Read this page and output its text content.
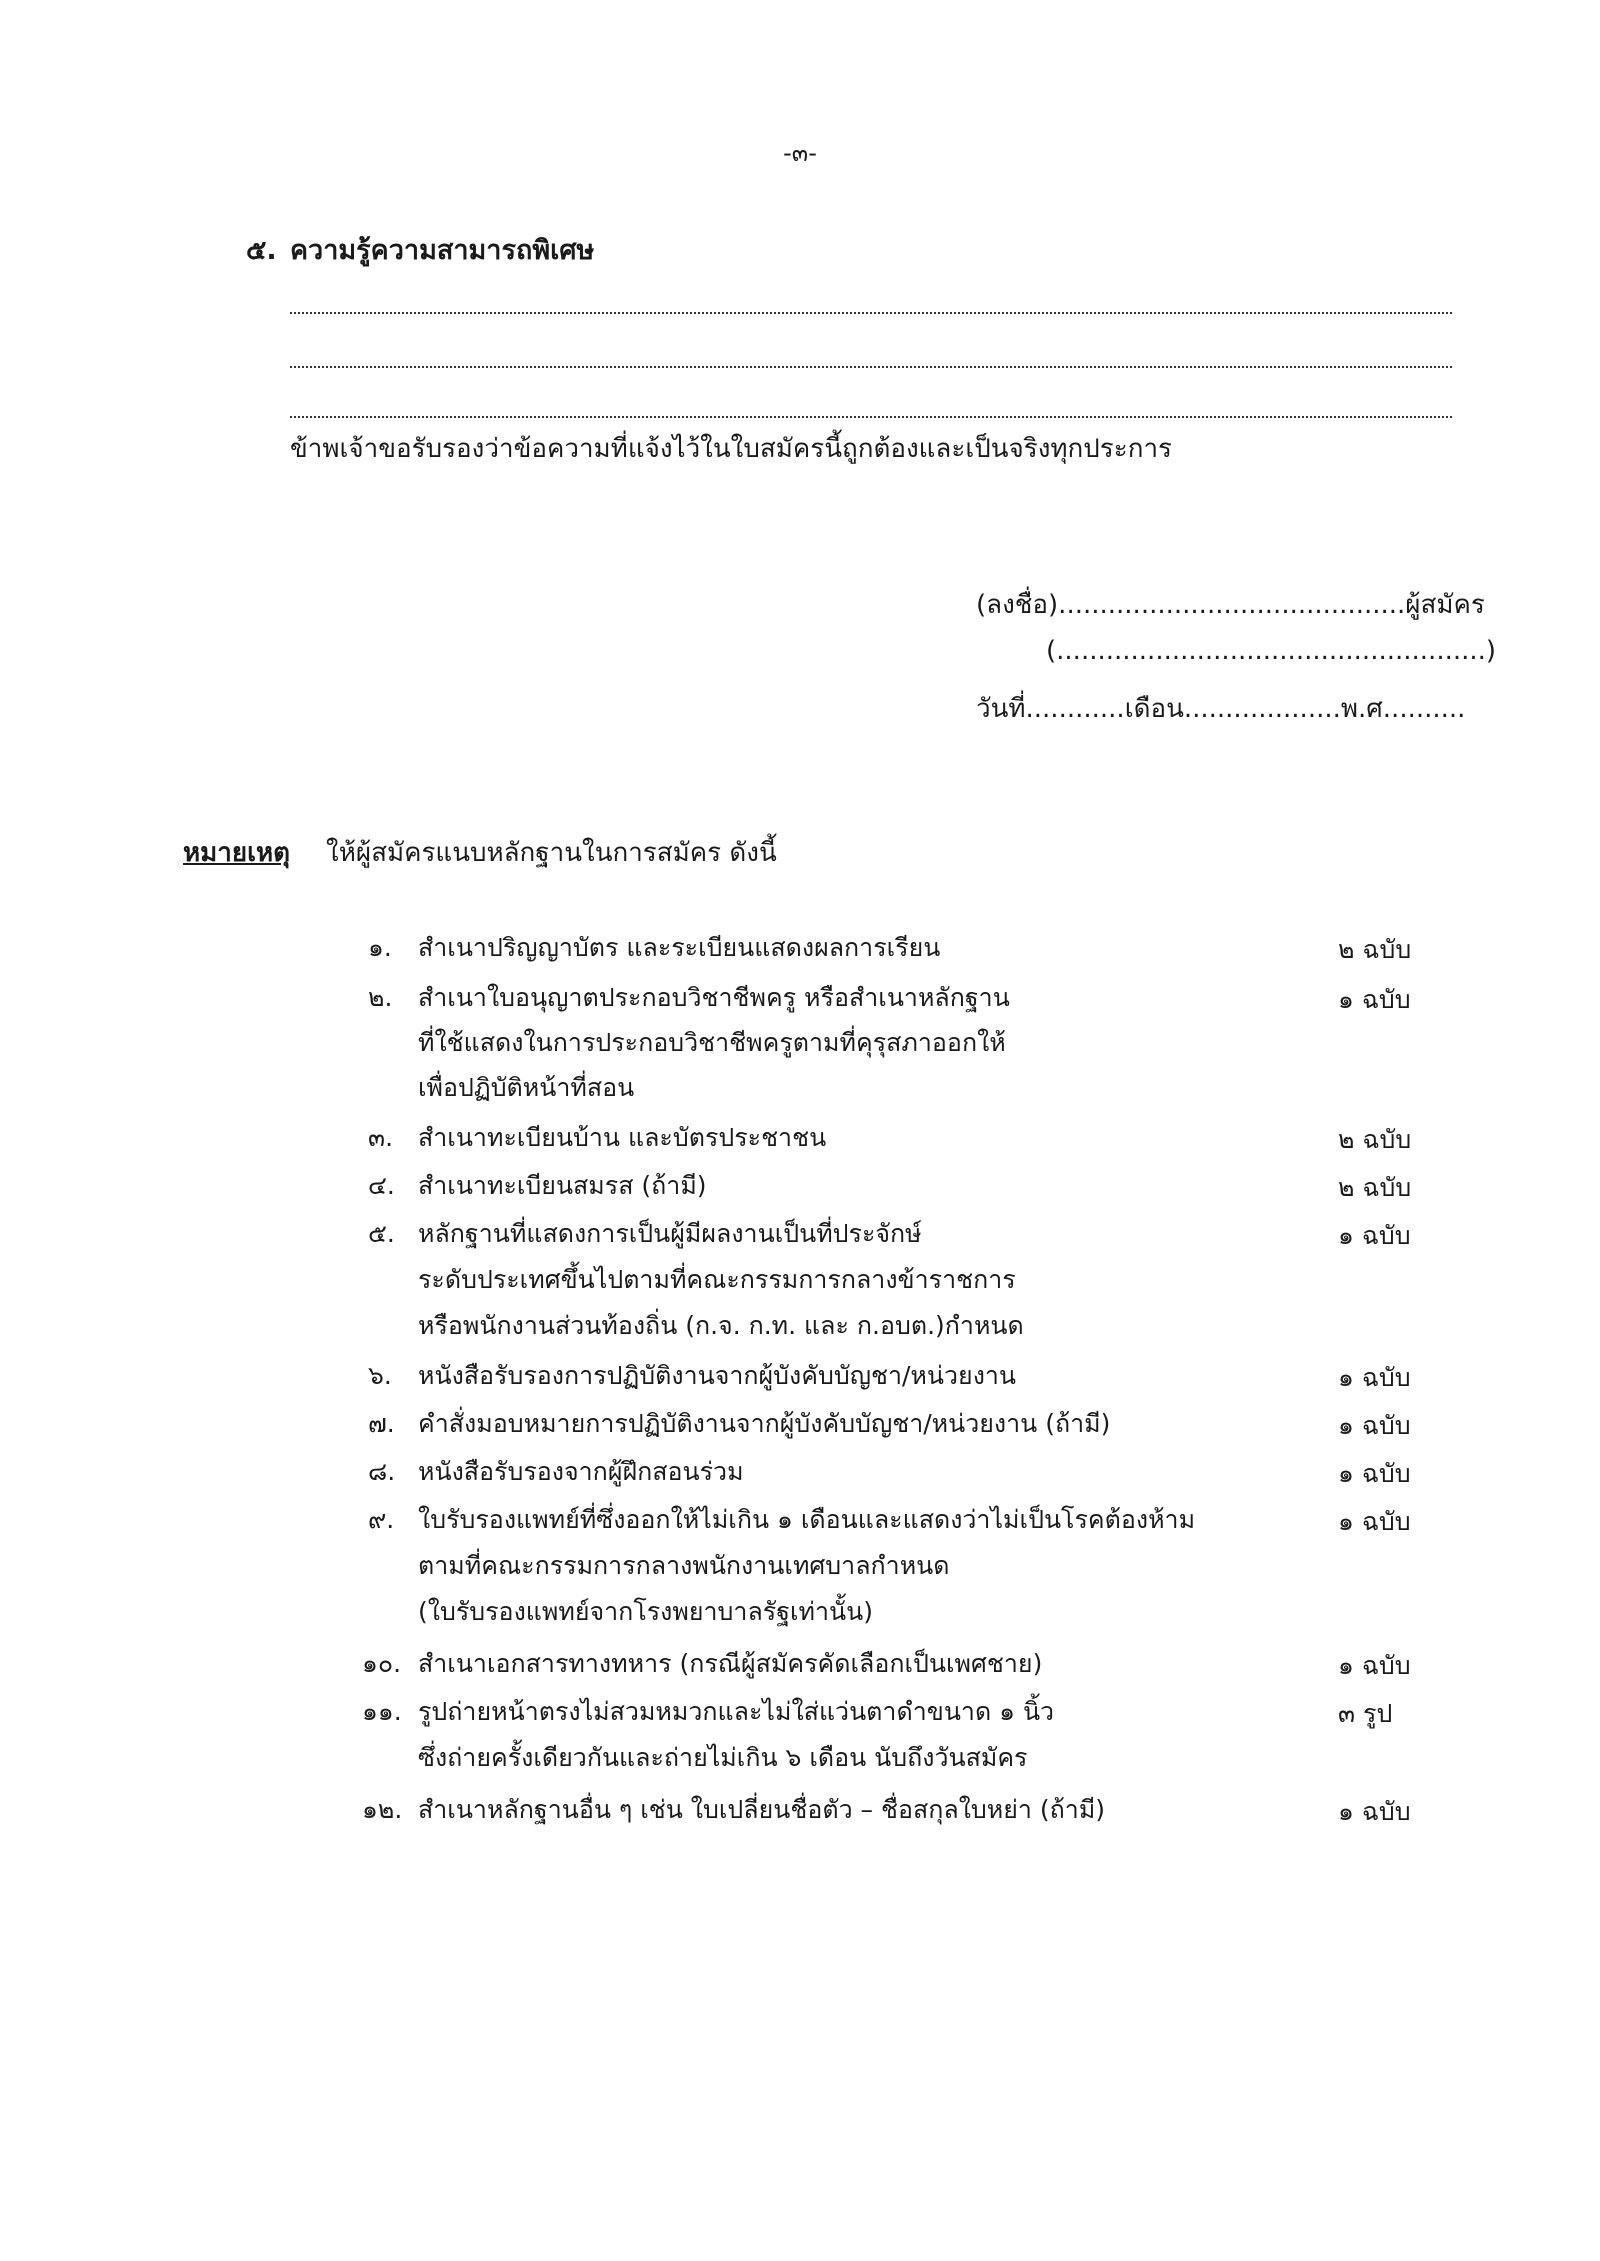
-๓-
๕. ความรู้ความสามารถพิเศษ
ข้าพเจ้าขอรับรองว่าข้อความที่แจ้งไว้ในใบสมัครนี้ถูกต้องและเป็นจริงทุกประการ
(ลงชื่อ)..........................................ผู้สมัคร
(....................................................)
วันที่............เดือน...................พ.ศ..........
หมายเหตุ ให้ผู้สมัครแนบหลักฐานในการสมัคร ดังนี้
๑. สำเนาปริญญาบัตร และระเบียนแสดงผลการเรียน	๒ ฉบับ
๒. สำเนาใบอนุญาตประกอบวิชาชีพครู หรือสำเนาหลักฐาน
ที่ใช้แสดงในการประกอบวิชาชีพครูตามที่คุรุสภาออกให้
เพื่อปฏิบัติหน้าที่สอน
๑ ฉบับ
๓. สำเนาทะเบียนบ้าน และบัตรประชาชน	๒ ฉบับ
๔. สำเนาทะเบียนสมรส (ถ้ามี)	๒ ฉบับ
๕. หลักฐานที่แสดงการเป็นผู้มีผลงานเป็นที่ประจักษ์
ระดับประเทศขึ้นไปตามที่คณะกรรมการกลางข้าราชการ
หรือพนักงานส่วนท้องถิ่น (ก.จ. ก.ท. และ ก.อบต.)กำหนด
๑ ฉบับ
๖. หนังสือรับรองการปฏิบัติงานจากผู้บังคับบัญชา/หน่วยงาน	๑ ฉบับ
๗. คำสั่งมอบหมายการปฏิบัติงานจากผู้บังคับบัญชา/หน่วยงาน (ถ้ามี)	๑ ฉบับ
๘. หนังสือรับรองจากผู้ฝึกสอนร่วม	๑ ฉบับ
๙. ใบรับรองแพทย์ที่ซึ่งออกให้ไม่เกิน ๑ เดือนและแสดงว่าไม่เป็นโรคต้องห้าม
ตามที่คณะกรรมการกลางพนักงานเทศบาลกำหนด
(ใบรับรองแพทย์จากโรงพยาบาลรัฐเท่านั้น)
๑ ฉบับ
๑๐. สำเนาเอกสารทางทหาร (กรณีผู้สมัครคัดเลือกเป็นเพศชาย)	๑ ฉบับ
๑๑. รูปถ่ายหน้าตรงไม่สวมหมวกและไม่ใส่แว่นตาดำขนาด ๑ นิ้ว
ซึ่งถ่ายครั้งเดียวกันและถ่ายไม่เกิน ๖ เดือน นับถึงวันสมัคร
๓ รูป
๑๒. สำเนาหลักฐานอื่น ๆ เช่น ใบเปลี่ยนชื่อตัว – ชื่อสกุลใบหย่า (ถ้ามี)	๑ ฉบับ
